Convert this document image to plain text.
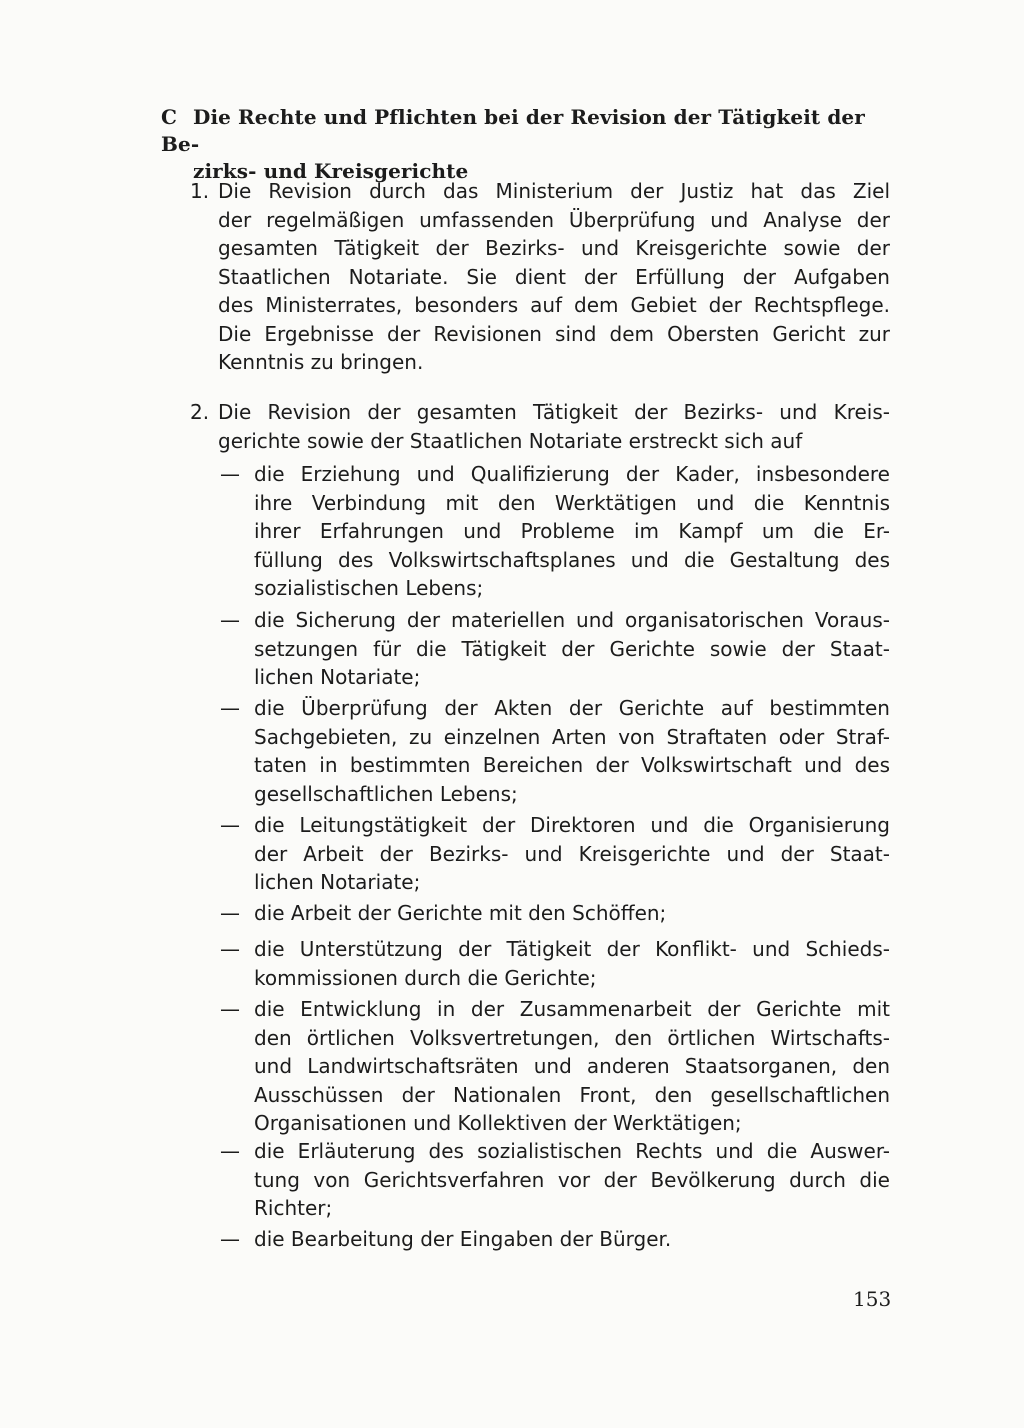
C Die Rechte und Pflichten bei der Revision der Tätigkeit der Be-
zirks- und Kreisgerichte
1. Die Revision durch das Ministerium der Justiz hat das Ziel
der regelmäßigen umfassenden Überprüfung und Analyse der
gesamten Tätigkeit der Bezirks- und Kreisgerichte sowie der
Staatlichen Notariate. Sie dient der Erfüllung der Aufgaben
des Ministerrates, besonders auf dem Gebiet der Rechtspflege.
Die Ergebnisse der Revisionen sind dem Obersten Gericht zur
Kenntnis zu bringen.
2. Die Revision der gesamten Tätigkeit der Bezirks- und Kreis-
gerichte sowie der Staatlichen Notariate erstreckt sich auf
— die Erziehung und Qualifizierung der Kader, insbesondere
ihre Verbindung mit den Werktätigen und die Kenntnis
ihrer Erfahrungen und Probleme im Kampf um die Er-
füllung des Volkswirtschaftsplanes und die Gestaltung des
sozialistischen Lebens;
— die Sicherung der materiellen und organisatorischen Voraus-
setzungen für die Tätigkeit der Gerichte sowie der Staat-
lichen Notariate;
— die Überprüfung der Akten der Gerichte auf bestimmten
Sachgebieten, zu einzelnen Arten von Straftaten oder Straf-
taten in bestimmten Bereichen der Volkswirtschaft und des
gesellschaftlichen Lebens;
— die Leitungstätigkeit der Direktoren und die Organisierung
der Arbeit der Bezirks- und Kreisgerichte und der Staat-
lichen Notariate;
— die Arbeit der Gerichte mit den Schöffen;
— die Unterstützung der Tätigkeit der Konflikt- und Schieds-
kommissionen durch die Gerichte;
— die Entwicklung in der Zusammenarbeit der Gerichte mit
den örtlichen Volksvertretungen, den örtlichen Wirtschafts-
und Landwirtschaftsräten und anderen Staatsorganen, den
Ausschüssen der Nationalen Front, den gesellschaftlichen
Organisationen und Kollektiven der Werktätigen;
— die Erläuterung des sozialistischen Rechts und die Auswer-
tung von Gerichtsverfahren vor der Bevölkerung durch die
Richter;
— die Bearbeitung der Eingaben der Bürger.
153
